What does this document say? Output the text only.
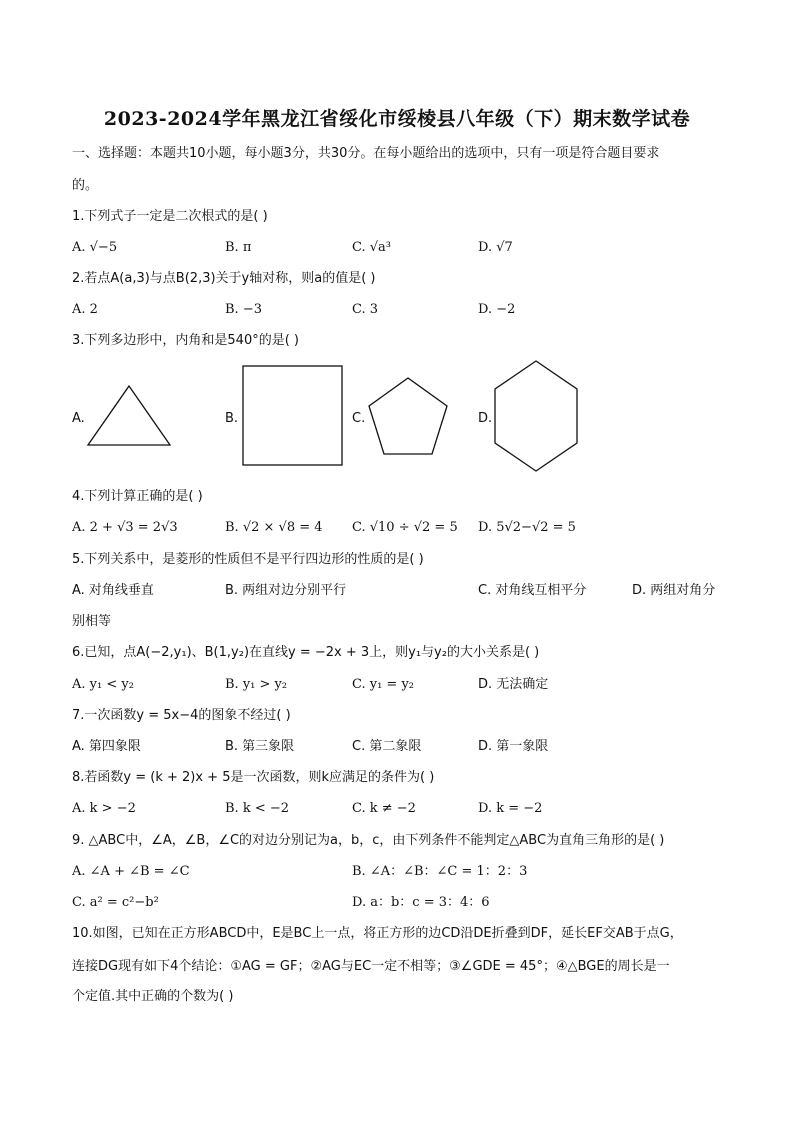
2023-2024学年黑龙江省绥化市绥棱县八年级（下）期末数学试卷
一、选择题：本题共10小题，每小题3分，共30分。在每小题给出的选项中，只有一项是符合题目要求
的。
1.下列式子一定是二次根式的是( )
A. √−5	B. π	C. √a³	D. √7
2.若点A(a,3)与点B(2,3)关于y轴对称，则a的值是( )
A. 2	B. −3	C. 3	D. −2
3.下列多边形中，内角和是540°的是( )
A.	B.	C.	D.
4.下列计算正确的是( )
A. 2 + √3 = 2√3	B. √2 × √8 = 4 C. √10 ÷ √2 = 5 D. 5√2−√2 = 5
5.下列关系中，是菱形的性质但不是平行四边形的性质的是( )
A. 对角线垂直	B. 两组对边分别平行	C. 对角线互相平分	D. 两组对角分
别相等
6.已知，点A(−2,y₁)、B(1,y₂)在直线y = −2x + 3上，则y₁与y₂的大小关系是( )
A. y₁ < y₂	B. y₁ > y₂	C. y₁ = y₂	D. 无法确定
7.一次函数y = 5x−4的图象不经过( )
A. 第四象限	B. 第三象限	C. 第二象限	D. 第一象限
8.若函数y = (k + 2)x + 5是一次函数，则k应满足的条件为( )
A. k > −2	B. k < −2	C. k ≠ −2	D. k = −2
9. △ABC中，∠A，∠B，∠C的对边分别记为a，b，c，由下列条件不能判定△ABC为直角三角形的是( )
A. ∠A + ∠B = ∠C	B. ∠A：∠B：∠C = 1：2：3
C. a² = c²−b²	D. a：b：c = 3：4：6
10.如图，已知在正方形ABCD中，E是BC上一点，将正方形的边CD沿DE折叠到DF，延长EF交AB于点G，
连接DG现有如下4个结论：①AG = GF；②AG与EC一定不相等；③∠GDE = 45°；④△BGE的周长是一
个定值.其中正确的个数为( )
